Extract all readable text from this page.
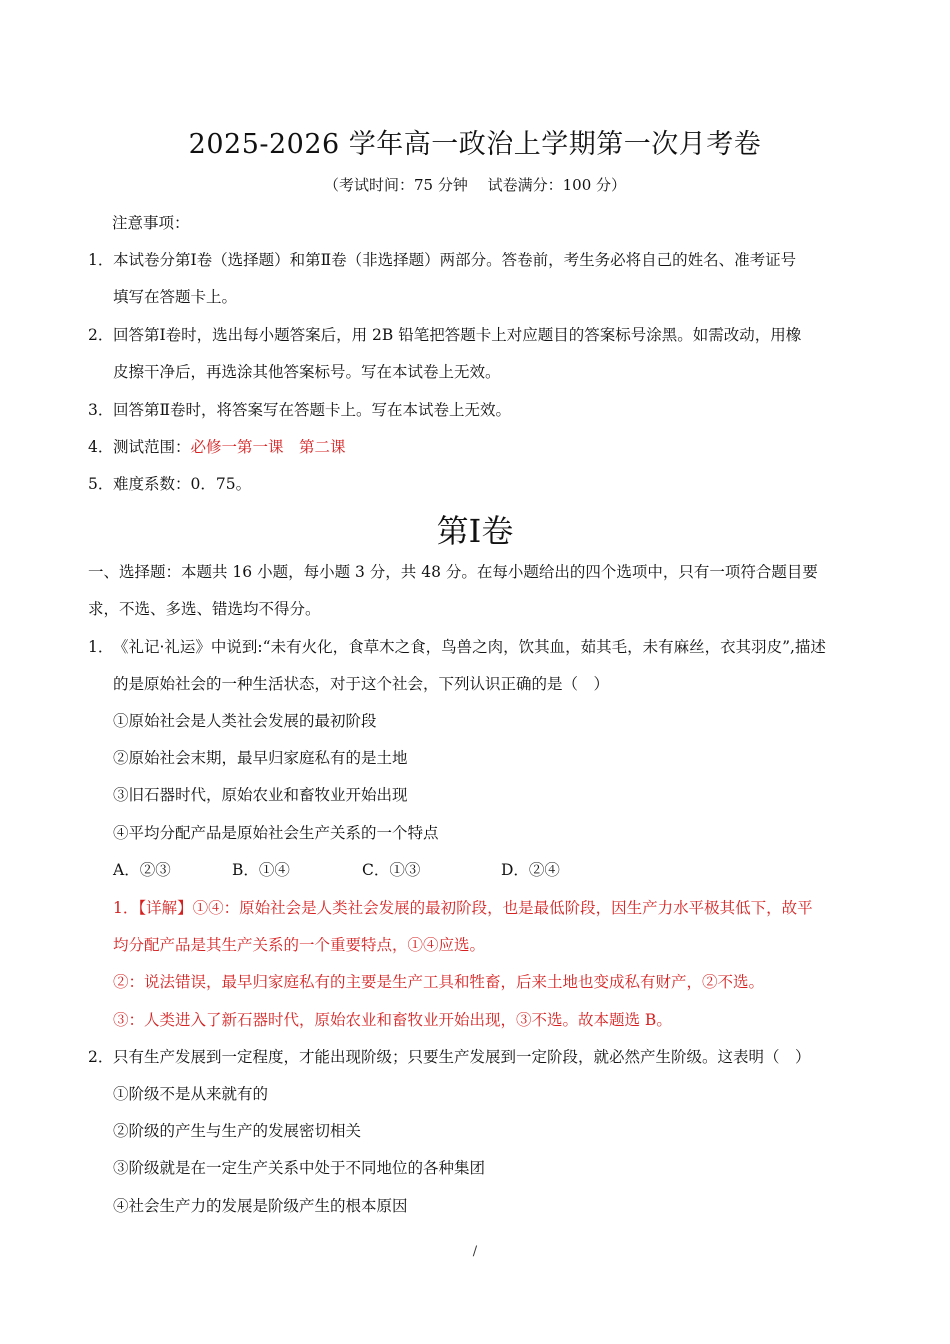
2025-2026 学年高一政治上学期第一次月考卷
（考试时间：75 分钟　 试卷满分：100 分）
注意事项：
1．本试卷分第Ⅰ卷（选择题）和第Ⅱ卷（非选择题）两部分。答卷前，考生务必将自己的姓名、准考证号
填写在答题卡上。
2．回答第Ⅰ卷时，选出每小题答案后，用 2B 铅笔把答题卡上对应题目的答案标号涂黑。如需改动，用橡
皮擦干净后，再选涂其他答案标号。写在本试卷上无效。
3．回答第Ⅱ卷时，将答案写在答题卡上。写在本试卷上无效。
4．测试范围：必修一第一课　第二课
5．难度系数：0．75。
第Ⅰ卷
一、选择题：本题共 16 小题，每小题 3 分，共 48 分。在每小题给出的四个选项中，只有一项符合题目要
求，不选、多选、错选均不得分。
1．《礼记·礼运》中说到:“未有火化，食草木之食，鸟兽之肉，饮其血，茹其毛，未有麻丝，衣其羽皮”,描述
的是原始社会的一种生活状态，对于这个社会，下列认识正确的是（　）
①原始社会是人类社会发展的最初阶段
②原始社会末期，最早归家庭私有的是土地
③旧石器时代，原始农业和畜牧业开始出现
④平均分配产品是原始社会生产关系的一个特点
A．②③	B．①④	C．①③	D．②④
1．【详解】①④：原始社会是人类社会发展的最初阶段，也是最低阶段，因生产力水平极其低下，故平
均分配产品是其生产关系的一个重要特点，①④应选。
②：说法错误，最早归家庭私有的主要是生产工具和牲畜，后来土地也变成私有财产，②不选。
③：人类进入了新石器时代，原始农业和畜牧业开始出现，③不选。故本题选 B。
2．只有生产发展到一定程度，才能出现阶级；只要生产发展到一定阶段，就必然产生阶级。这表明（　）
①阶级不是从来就有的
②阶级的产生与生产的发展密切相关
③阶级就是在一定生产关系中处于不同地位的各种集团
④社会生产力的发展是阶级产生的根本原因
/
